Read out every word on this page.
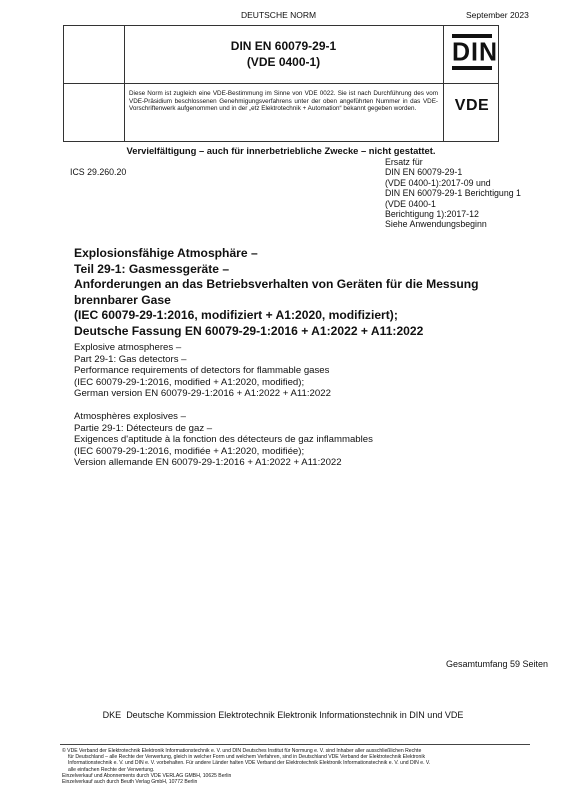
DEUTSCHE NORM	September 2023
DIN EN 60079-29-1
(VDE 0400-1)	DIN
VDE
Diese Norm ist zugleich eine VDE-Bestimmung im Sinne von VDE 0022. Sie ist nach Durchführung des vom VDE-Präsidium beschlossenen Genehmigungsverfahrens unter der oben angeführten Nummer in das VDE-Vorschriftenwerk aufgenommen und in der „etz Elektrotechnik + Automation“ bekannt gegeben worden.
Vervielfältigung – auch für innerbetriebliche Zwecke – nicht gestattet.
ICS 29.260.20

Ersatz für

DIN EN 60079-29-1

(VDE 0400-1):2017-09 und

DIN EN 60079-29-1 Berichtigung 1

(VDE 0400-1

Berichtigung 1):2017-12

Siehe Anwendungsbeginn

Explosionsfähige Atmosphäre –

Teil 29-1: Gasmessgeräte –

Anforderungen an das Betriebsverhalten von Geräten für die Messung

brennbarer Gase

(IEC 60079-29-1:2016, modifiziert + A1:2020, modifiziert);

Deutsche Fassung EN 60079-29-1:2016 + A1:2022 + A11:2022

Explosive atmospheres –

Part 29-1: Gas detectors –

Performance requirements of detectors for flammable gases

(IEC 60079-29-1:2016, modified + A1:2020, modified);

German version EN 60079-29-1:2016 + A1:2022 + A11:2022

Atmosphères explosives –

Partie 29-1: Détecteurs de gaz –

Exigences d'aptitude à la fonction des détecteurs de gaz inflammables

(IEC 60079-29-1:2016, modifiée + A1:2020, modifiée);

Version allemande EN 60079-29-1:2016 + A1:2022 + A11:2022

Gesamtumfang 59 Seiten
DKE Deutsche Kommission Elektrotechnik Elektronik Informationstechnik in DIN und VDE

© VDE Verband der Elektrotechnik Elektronik Informationstechnik e. V. und DIN Deutsches Institut für Normung e. V. sind Inhaber aller ausschließlichen Rechte

für Deutschland – alle Rechte der Verwertung, gleich in welcher Form und welchem Verfahren, sind in Deutschland VDE Verband der Elektrotechnik Elektronik

Informationstechnik e. V. und DIN e. V. vorbehalten. Für andere Länder halten VDE Verband der Elektrotechnik Elektronik Informationstechnik e. V. und DIN e. V.

alle einfachen Rechte der Verwertung.

Einzelverkauf und Abonnements durch VDE VERLAG GMBH, 10625 Berlin

Einzelverkauf auch durch Beuth Verlag GmbH, 10772 Berlin
